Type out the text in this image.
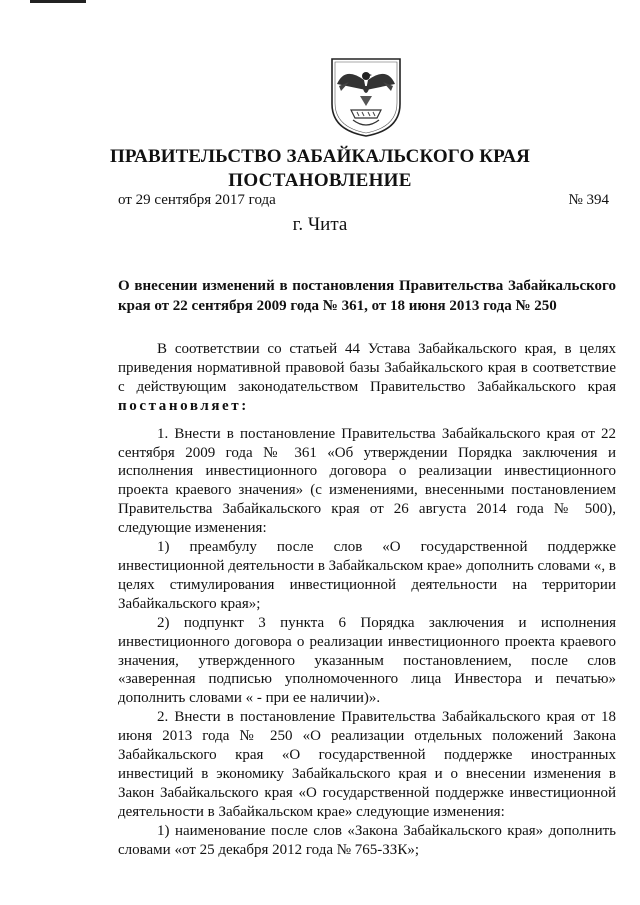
ПРАВИТЕЛЬСТВО ЗАБАЙКАЛЬСКОГО КРАЯ
ПОСТАНОВЛЕНИЕ
от 29 сентября 2017 года	№ 394
г. Чита
О внесении изменений в постановления Правительства Забайкальского края от 22 сентября 2009 года № 361, от 18 июня 2013 года № 250

В соответствии со статьей 44 Устава Забайкальского края, в целях приведения нормативной правовой базы Забайкальского края в соответствие с действующим законодательством Правительство Забайкальского края постановляет:

1. Внести в постановление Правительства Забайкальского края от 22 сентября 2009 года № 361 «Об утверждении Порядка заключения и исполнения инвестиционного договора о реализации инвестиционного проекта краевого значения» (с изменениями, внесенными постановлением Правительства Забайкальского края от 26 августа 2014 года № 500), следующие изменения:

1) преамбулу после слов «О государственной поддержке инвестиционной деятельности в Забайкальском крае» дополнить словами «, в целях стимулирования инвестиционной деятельности на территории Забайкальского края»;

2) подпункт 3 пункта 6 Порядка заключения и исполнения инвестиционного договора о реализации инвестиционного проекта краевого значения, утвержденного указанным постановлением, после слов «заверенная подписью уполномоченного лица Инвестора и печатью» дополнить словами « - при ее наличии)».

2. Внести в постановление Правительства Забайкальского края от 18 июня 2013 года № 250 «О реализации отдельных положений Закона Забайкальского края «О государственной поддержке иностранных инвестиций в экономику Забайкальского края и о внесении изменения в Закон Забайкальского края «О государственной поддержке инвестиционной деятельности в Забайкальском крае» следующие изменения:

1) наименование после слов «Закона Забайкальского края» дополнить словами «от 25 декабря 2012 года № 765-ЗЗК»;
